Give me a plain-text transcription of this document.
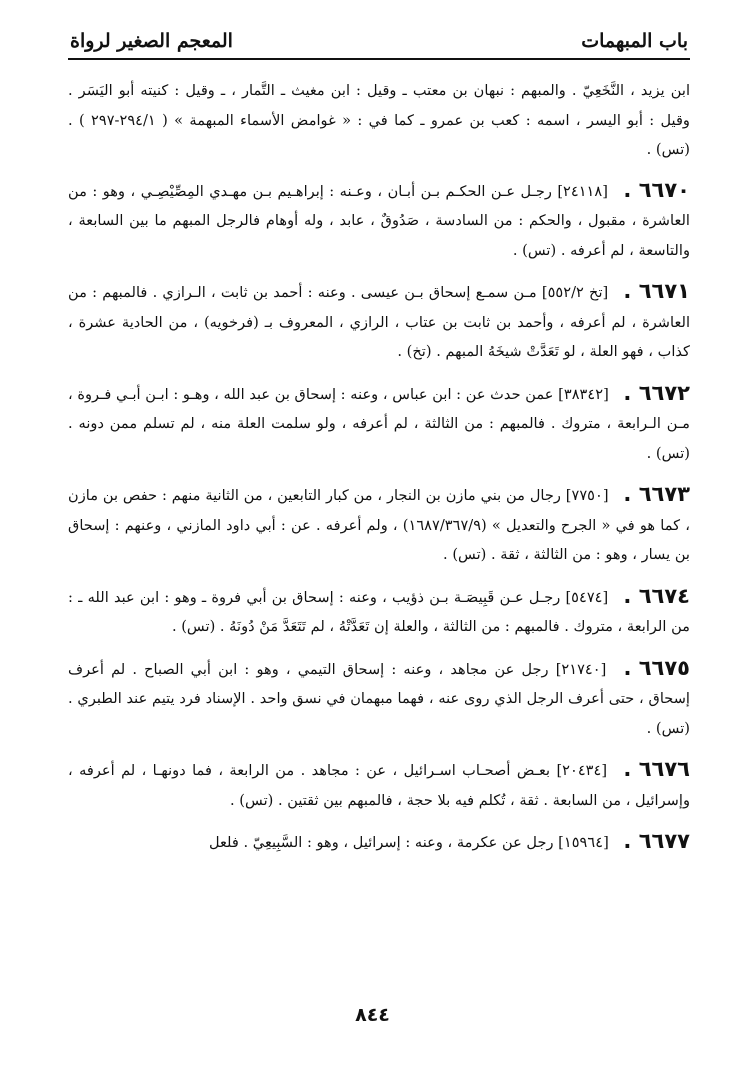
باب المبهمات
المعجم الصغير لرواة

ابن يزيد ، النَّخَعِيّ . والمبهم : نبهان بن معتب ـ وقيل : ابن مغيث ـ التَّمار ، ـ وقيل : كنيته أبو اليَسَر . وقيل : أبو اليسر ، اسمه : كعب بن عمرو ـ كما في : « غوامض الأسماء المبهمة » ( ٢٩٤/١-٢٩٧ ) . (تس) .

٦٦٧٠ . [٢٤١١٨] رجـل عـن الحكـم بـن أبـان ، وعـنه : إبراهـيم بـن مهـدي المِصِّيْصِـي ، وهو : من العاشرة ، مقبول ، والحكم : من السادسة ، صَدُوقٌ ، عابد ، وله أوهام فالرجل المبهم ما بين السابعة ، والتاسعة ، لم أعرفه . (تس) .

٦٦٧١ . [تخ ٥٥٢/٢] مـن سمـع إسحاق بـن عيسى . وعنه : أحمد بن ثابت ، الـرازي . فالمبهم : من العاشرة ، لم أعرفه ، وأحمد بن ثابت بن عتاب ، الرازي ، المعروف بـ (فرخويه) ، من الحادية عشرة ، كذاب ، فهو العلة ، لو تَعَدَّتْ شيخَهُ المبهم . (تخ) .

٦٦٧٢ . [٣٨٣٤٢] عمن حدث عن : ابن عباس ، وعنه : إسحاق بن عبد الله ، وهـو : ابـن أبـي فـروة ، مـن الـرابعة ، متروك . فالمبهم : من الثالثة ، لم أعرفه ، ولو سلمت العلة منه ، لم تسلم ممن دونه . (تس) .

٦٦٧٣ . [٧٧٥٠] رجال من بني مازن بن النجار ، من كبار التابعين ، من الثانية منهم : حفص بن مازن ، كما هو في « الجرح والتعديل » (١٦٨٧/٣٦٧/٩) ، ولم أعرفه . عن : أبي داود المازني ، وعنهم : إسحاق بن يسار ، وهو : من الثالثة ، ثقة . (تس) .

٦٦٧٤ . [٥٤٧٤] رجـل عـن قَبِيصَـة بـن ذؤيب ، وعنه : إسحاق بن أبي فروة ـ وهو : ابن عبد الله ـ : من الرابعة ، متروك . فالمبهم : من الثالثة ، والعلة إن تَعَدَّتْهُ ، لم تَتَعَدَّ مَنْ دُونَهُ . (تس) .

٦٦٧٥ . [٢١٧٤٠] رجل عن مجاهد ، وعنه : إسحاق التيمي ، وهو : ابن أبي الصباح . لم أعرف إسحاق ، حتى أعرف الرجل الذي روى عنه ، فهما مبهمان في نسق واحد . الإسناد فرد يتيم عند الطبري . (تس) .

٦٦٧٦ . [٢٠٤٣٤] بعـض أصحـاب اسـرائيل ، عن : مجاهد . من الرابعة ، فما دونهـا ، لم أعرفه ، وإسرائيل ، من السابعة . ثقة ، تُكلم فيه بلا حجة ، فالمبهم بين ثقتين . (تس) .

٦٦٧٧ . [١٥٩٦٤] رجل عن عكرمة ، وعنه : إسرائيل ، وهو : السَّبِيعِيّ . فلعل

٨٤٤
